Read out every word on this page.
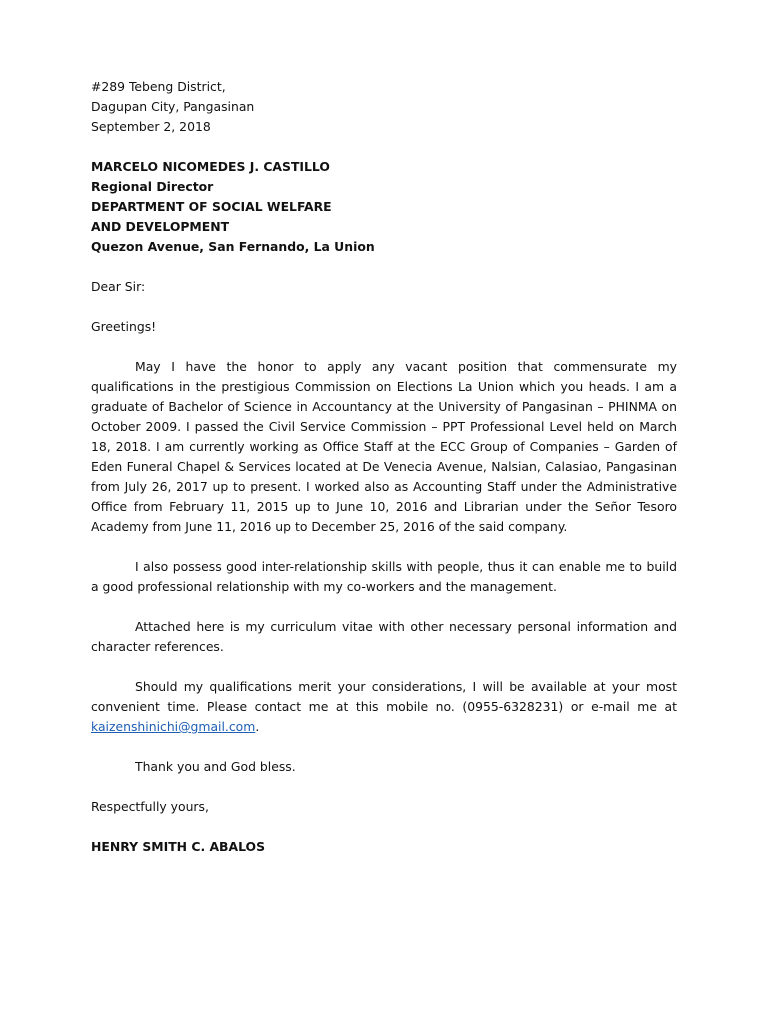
#289 Tebeng District,
Dagupan City, Pangasinan
September 2, 2018
MARCELO NICOMEDES J. CASTILLO
Regional Director
DEPARTMENT OF SOCIAL WELFARE
AND DEVELOPMENT
Quezon Avenue, San Fernando, La Union
Dear Sir:
Greetings!

May I have the honor to apply any vacant position that commensurate my qualifications in the prestigious Commission on Elections La Union which you heads. I am a graduate of Bachelor of Science in Accountancy at the University of Pangasinan – PHINMA on October 2009. I passed the Civil Service Commission – PPT Professional Level held on March 18, 2018. I am currently working as Office Staff at the ECC Group of Companies – Garden of Eden Funeral Chapel & Services located at De Venecia Avenue, Nalsian, Calasiao, Pangasinan from July 26, 2017 up to present. I worked also as Accounting Staff under the Administrative Office from February 11, 2015 up to June 10, 2016 and Librarian under the Señor Tesoro Academy from June 11, 2016 up to December 25, 2016 of the said company.

I also possess good inter-relationship skills with people, thus it can enable me to build a good professional relationship with my co-workers and the management.

Attached here is my curriculum vitae with other necessary personal information and character references.

Should my qualifications merit your considerations, I will be available at your most convenient time. Please contact me at this mobile no. (0955-6328231) or e-mail me at kaizenshinichi@gmail.com.

Thank you and God bless.

Respectfully yours,
HENRY SMITH C. ABALOS
